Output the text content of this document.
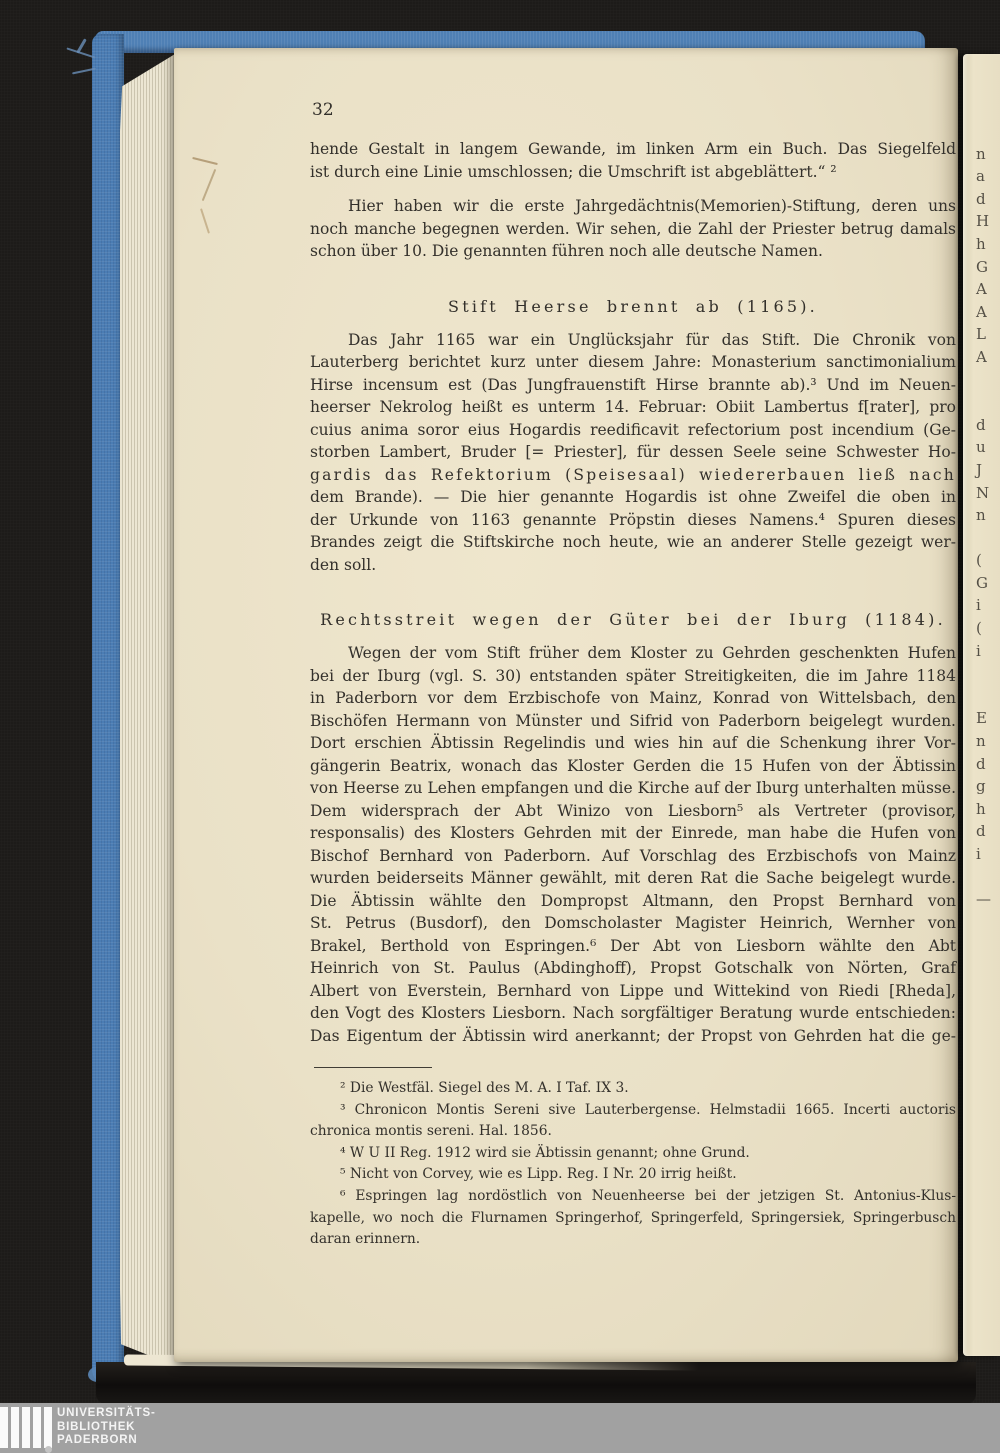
32
hende Gestalt in langem Gewande, im linken Arm ein Buch. Das Siegelfeld
ist durch eine Linie umschlossen; die Umschrift ist abgeblättert.“ ²
Hier haben wir die erste Jahrgedächtnis(Memorien)-Stiftung, deren uns
noch manche begegnen werden. Wir sehen, die Zahl der Priester betrug damals
schon über 10. Die genannten führen noch alle deutsche Namen.
Stift Heerse brennt ab (1165).
Das Jahr 1165 war ein Unglücksjahr für das Stift. Die Chronik von
Lauterberg berichtet kurz unter diesem Jahre: Monasterium sanctimonialium
Hirse incensum est (Das Jungfrauenstift Hirse brannte ab).³ Und im Neuen-
heerser Nekrolog heißt es unterm 14. Februar: Obiit Lambertus f[rater], pro
cuius anima soror eius Hogardis reedificavit refectorium post incendium (Ge-
storben Lambert, Bruder [= Priester], für dessen Seele seine Schwester Ho-
gardis das Refektorium (Speisesaal) wiedererbauen ließ nach
dem Brande). — Die hier genannte Hogardis ist ohne Zweifel die oben in
der Urkunde von 1163 genannte Pröpstin dieses Namens.⁴ Spuren dieses
Brandes zeigt die Stiftskirche noch heute, wie an anderer Stelle gezeigt wer-
den soll.
Rechtsstreit wegen der Güter bei der Iburg (1184).
Wegen der vom Stift früher dem Kloster zu Gehrden geschenkten Hufen
bei der Iburg (vgl. S. 30) entstanden später Streitigkeiten, die im Jahre 1184
in Paderborn vor dem Erzbischofe von Mainz, Konrad von Wittelsbach, den
Bischöfen Hermann von Münster und Sifrid von Paderborn beigelegt wurden.
Dort erschien Äbtissin Regelindis und wies hin auf die Schenkung ihrer Vor-
gängerin Beatrix, wonach das Kloster Gerden die 15 Hufen von der Äbtissin
von Heerse zu Lehen empfangen und die Kirche auf der Iburg unterhalten müsse.
Dem widersprach der Abt Winizo von Liesborn⁵ als Vertreter (provisor,
responsalis) des Klosters Gehrden mit der Einrede, man habe die Hufen von
Bischof Bernhard von Paderborn. Auf Vorschlag des Erzbischofs von Mainz
wurden beiderseits Männer gewählt, mit deren Rat die Sache beigelegt wurde.
Die Äbtissin wählte den Dompropst Altmann, den Propst Bernhard von
St. Petrus (Busdorf), den Domscholaster Magister Heinrich, Wernher von
Brakel, Berthold von Espringen.⁶ Der Abt von Liesborn wählte den Abt
Heinrich von St. Paulus (Abdinghoff), Propst Gotschalk von Nörten, Graf
Albert von Everstein, Bernhard von Lippe und Wittekind von Riedi [Rheda],
den Vogt des Klosters Liesborn. Nach sorgfältiger Beratung wurde entschieden:
Das Eigentum der Äbtissin wird anerkannt; der Propst von Gehrden hat die ge-
² Die Westfäl. Siegel des M. A. I Taf. IX 3.
³ Chronicon Montis Sereni sive Lauterbergense. Helmstadii 1665. Incerti auctoris
chronica montis sereni. Hal. 1856.
⁴ W U II Reg. 1912 wird sie Äbtissin genannt; ohne Grund.
⁵ Nicht von Corvey, wie es Lipp. Reg. I Nr. 20 irrig heißt.
⁶ Espringen lag nordöstlich von Neuenheerse bei der jetzigen St. Antonius-Klus-
kapelle, wo noch die Flurnamen Springerhof, Springerfeld, Springersiek, Springerbusch
daran erinnern.
n
a
d
H
h
G
A
A
L
A
d
u
J
N
n
(
G
i
(
i
E
n
d
g
h
d
i
—
UNIVERSITÄTS-
BIBLIOTHEK
PADERBORN
